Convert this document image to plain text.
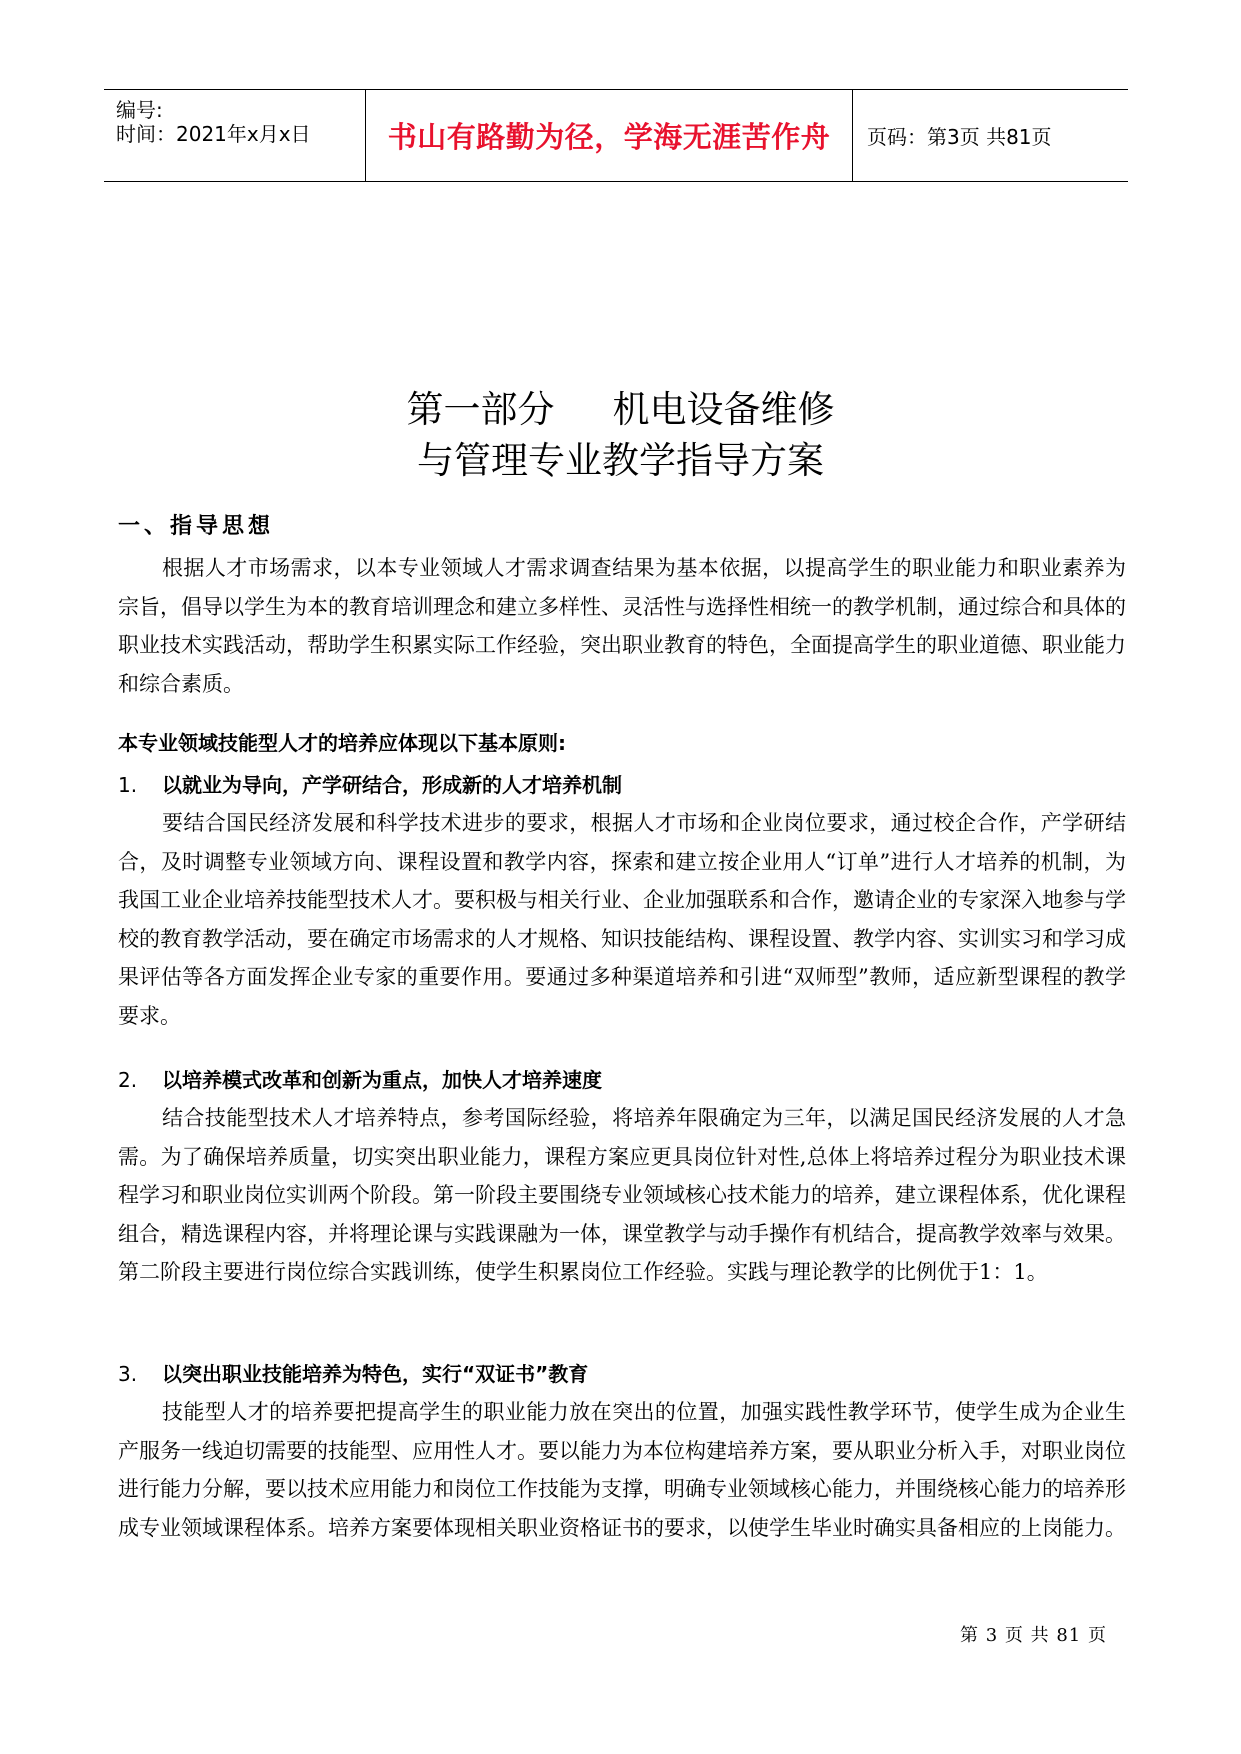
编号:
时间：2021年x月x日	书山有路勤为径，学海无涯苦作舟 页码：第3页 共81页
第一部分 机电设备维修
与管理专业教学指导方案
一、指导思想

根据人才市场需求，以本专业领域人才需求调查结果为基本依据，以提高学生的职业能力和职业素养为宗旨，倡导以学生为本的教育培训理念和建立多样性、灵活性与选择性相统一的教学机制，通过综合和具体的职业技术实践活动，帮助学生积累实际工作经验，突出职业教育的特色，全面提高学生的职业道德、职业能力和综合素质。

本专业领域技能型人才的培养应体现以下基本原则:
1. 以就业为导向，产学研结合，形成新的人才培养机制

要结合国民经济发展和科学技术进步的要求，根据人才市场和企业岗位要求，通过校企合作，产学研结合，及时调整专业领域方向、课程设置和教学内容，探索和建立按企业用人“订单”进行人才培养的机制，为我国工业企业培养技能型技术人才。要积极与相关行业、企业加强联系和合作，邀请企业的专家深入地参与学校的教育教学活动，要在确定市场需求的人才规格、知识技能结构、课程设置、教学内容、实训实习和学习成果评估等各方面发挥企业专家的重要作用。要通过多种渠道培养和引进“双师型”教师，适应新型课程的教学要求。

2. 以培养模式改革和创新为重点，加快人才培养速度

结合技能型技术人才培养特点，参考国际经验，将培养年限确定为三年，以满足国民经济发展的人才急需。为了确保培养质量，切实突出职业能力，课程方案应更具岗位针对性,总体上将培养过程分为职业技术课程学习和职业岗位实训两个阶段。第一阶段主要围绕专业领域核心技术能力的培养，建立课程体系，优化课程组合，精选课程内容，并将理论课与实践课融为一体，课堂教学与动手操作有机结合，提高教学效率与效果。第二阶段主要进行岗位综合实践训练，使学生积累岗位工作经验。实践与理论教学的比例优于1：1。

3. 以突出职业技能培养为特色，实行“双证书”教育

技能型人才的培养要把提高学生的职业能力放在突出的位置，加强实践性教学环节，使学生成为企业生产服务一线迫切需要的技能型、应用性人才。要以能力为本位构建培养方案，要从职业分析入手，对职业岗位进行能力分解，要以技术应用能力和岗位工作技能为支撑，明确专业领域核心能力，并围绕核心能力的培养形成专业领域课程体系。培养方案要体现相关职业资格证书的要求，以使学生毕业时确实具备相应的上岗能力。

第 3 页 共 81 页
